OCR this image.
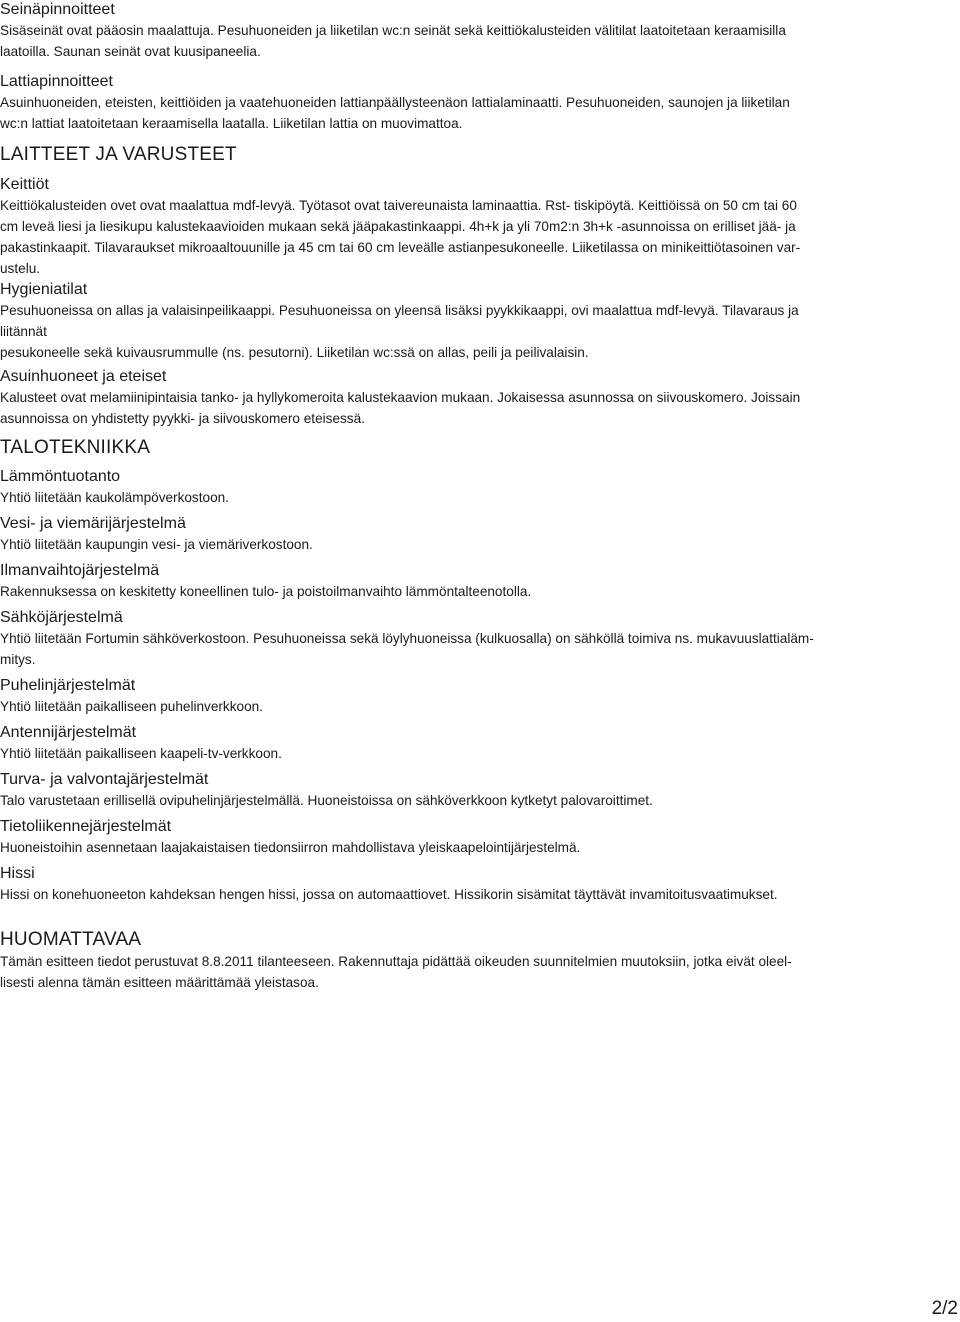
Seinäpinnoitteet

Sisäseinät ovat pääosin maalattuja. Pesuhuoneiden ja liiketilan wc:n seinät sekä keittiökalusteiden välitilat laatoitetaan keraamisilla
laatoilla. Saunan seinät ovat kuusipaneelia.

Lattiapinnoitteet

Asuinhuoneiden, eteisten, keittiöiden ja vaatehuoneiden lattianpäällysteenäon lattialaminaatti. Pesuhuoneiden, saunojen ja liiketilan
wc:n lattiat laatoitetaan keraamisella laatalla. Liiketilan lattia on muovimattoa.

LAITTEET JA VARUSTEET
Keittiöt

Keittiökalusteiden ovet ovat maalattua mdf-levyä. Työtasot ovat taivereunaista laminaattia. Rst- tiskipöytä. Keittiöissä on 50 cm tai 60
cm leveä liesi ja liesikupu kalustekaavioiden mukaan sekä jääpakastinkaappi. 4h+k ja yli 70m2:n 3h+k -asunnoissa on erilliset jää- ja
pakastinkaapit. Tilavaraukset mikroaaltouunille ja 45 cm tai 60 cm leveälle astianpesukoneelle. Liiketilassa on minikeittiötasoinen var-
ustelu.

Hygieniatilat

Pesuhuoneissa on allas ja valaisinpeilikaappi. Pesuhuoneissa on yleensä lisäksi pyykkikaappi, ovi maalattua mdf-levyä. Tilavaraus ja
liitännät
pesukoneelle sekä kuivausrummulle (ns. pesutorni). Liiketilan wc:ssä on allas, peili ja peilivalaisin.

Asuinhuoneet ja eteiset

Kalusteet ovat melamiinipintaisia tanko- ja hyllykomeroita kalustekaavion mukaan. Jokaisessa asunnossa on siivouskomero. Joissain
asunnoissa on yhdistetty pyykki- ja siivouskomero eteisessä.

TALOTEKNIIKKA
Lämmöntuotanto

Yhtiö liitetään kaukolämpöverkostoon.

Vesi- ja viemärijärjestelmä

Yhtiö liitetään kaupungin vesi- ja viemäriverkostoon.

Ilmanvaihtojärjestelmä

Rakennuksessa on keskitetty koneellinen tulo- ja poistoilmanvaihto lämmöntalteenotolla.

Sähköjärjestelmä

Yhtiö liitetään Fortumin sähköverkostoon. Pesuhuoneissa sekä löylyhuoneissa (kulkuosalla) on sähköllä toimiva ns. mukavuuslattialäm-
mitys.

Puhelinjärjestelmät

Yhtiö liitetään paikalliseen puhelinverkkoon.

Antennijärjestelmät

Yhtiö liitetään paikalliseen kaapeli-tv-verkkoon.

Turva- ja valvontajärjestelmät

Talo varustetaan erillisellä ovipuhelinjärjestelmällä. Huoneistoissa on sähköverkkoon kytketyt palovaroittimet.

Tietoliikennejärjestelmät

Huoneistoihin asennetaan laajakaistaisen tiedonsiirron mahdollistava yleiskaapelointijärjestelmä.

Hissi

Hissi on konehuoneeton kahdeksan hengen hissi, jossa on automaattiovet. Hissikorin sisämitat täyttävät invamitoitusvaatimukset.

HUOMATTAVAA

Tämän esitteen tiedot perustuvat 8.8.2011 tilanteeseen. Rakennuttaja pidättää oikeuden suunnitelmien muutoksiin, jotka eivät oleel-
lisesti alenna tämän esitteen määrittämää yleistasoa.

2/2
